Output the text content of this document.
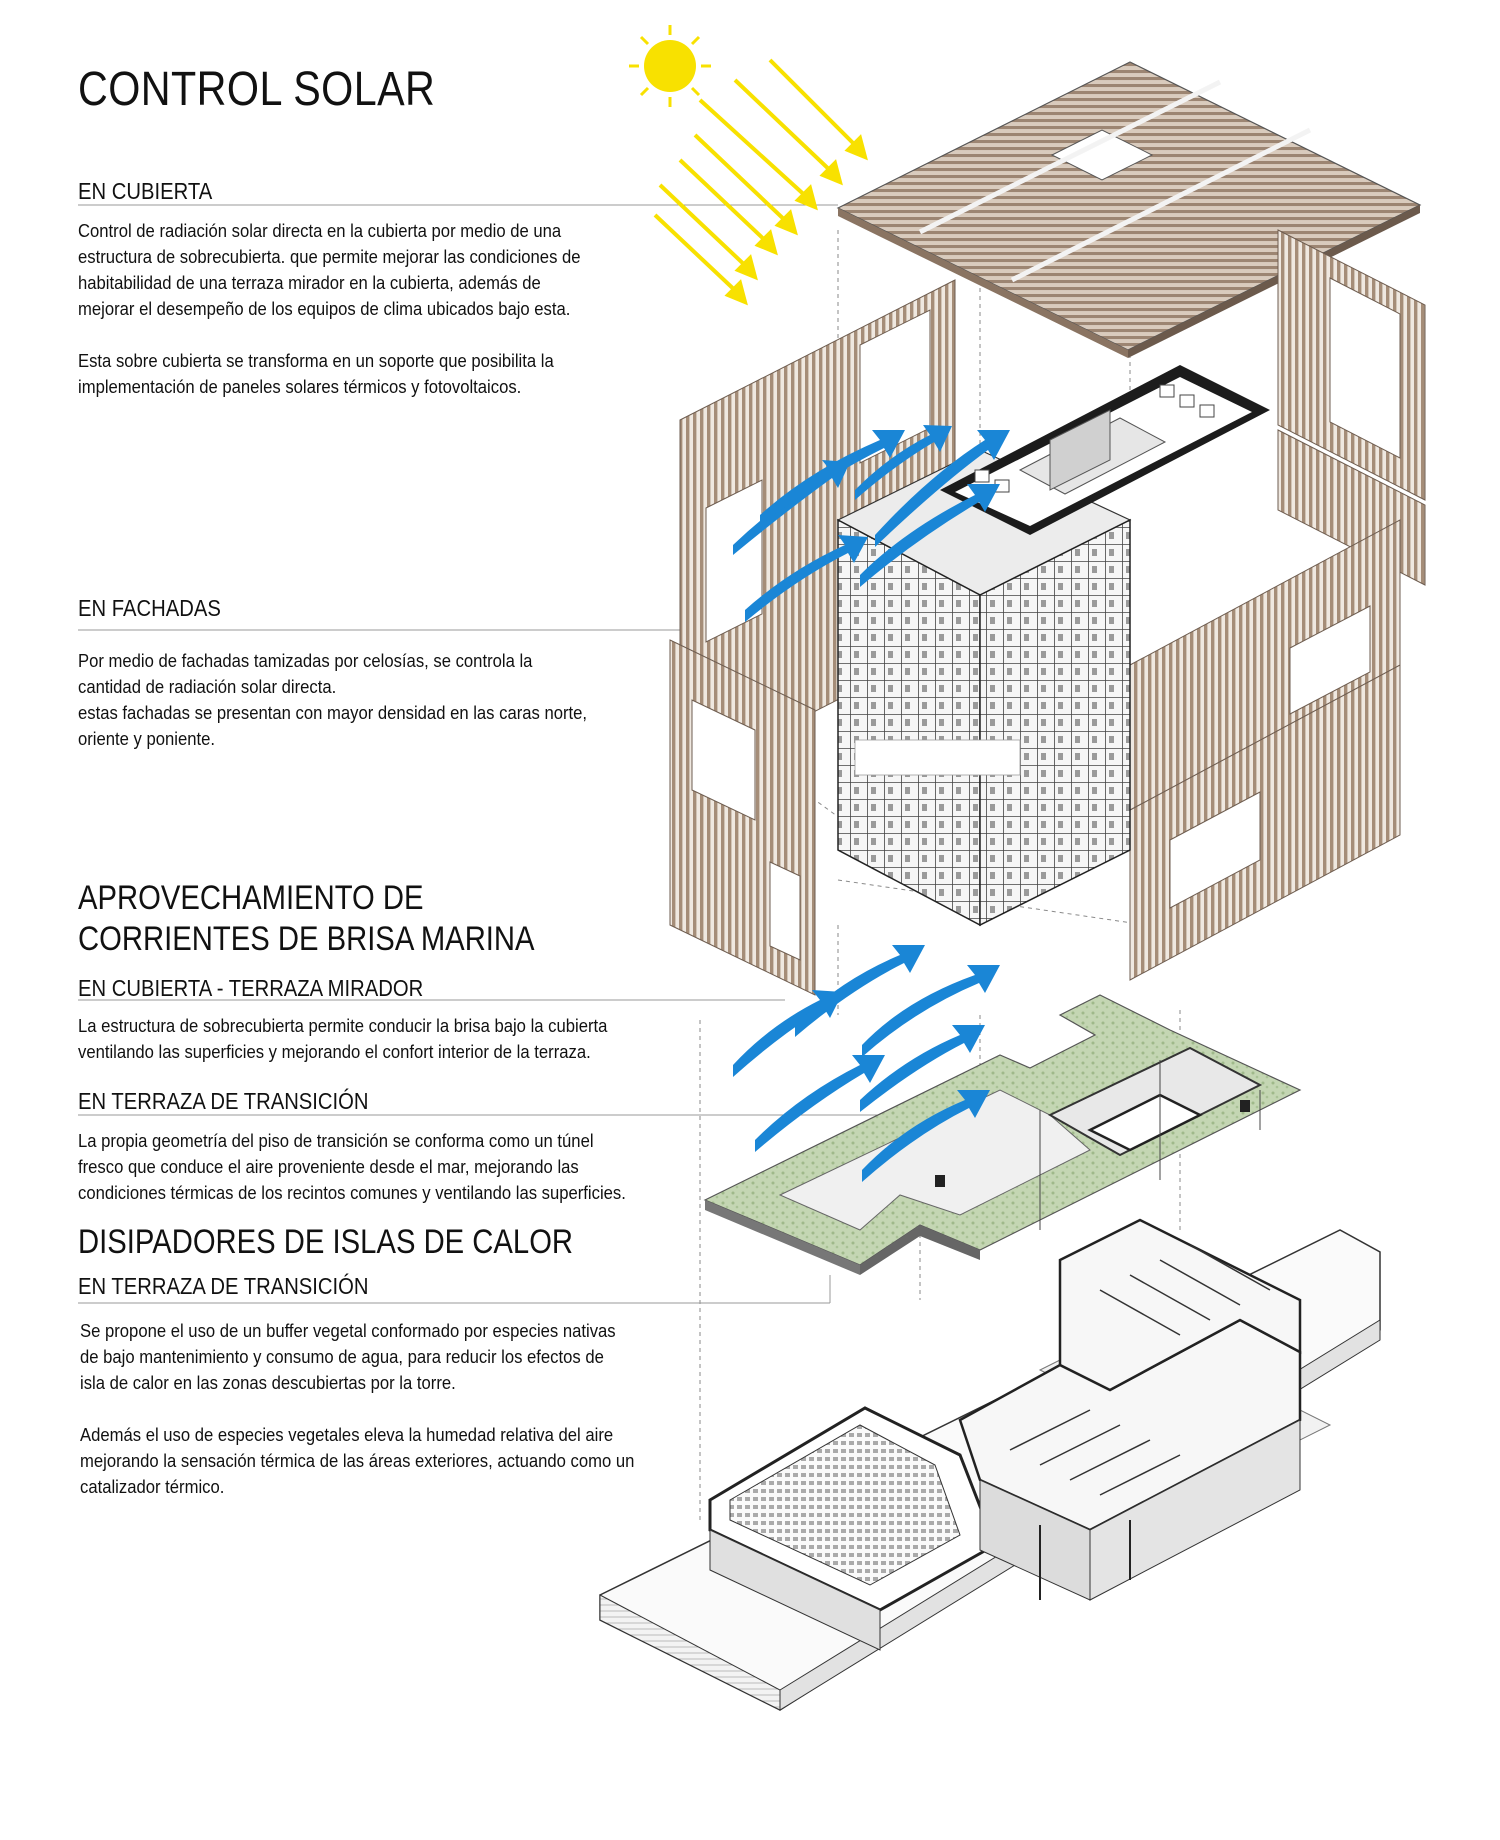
CONTROL SOLAR
EN CUBIERTA

Control de radiación solar directa en la cubierta por medio de una

estructura de sobrecubierta. que permite mejorar las condiciones de

habitabilidad de una terraza mirador en la cubierta, además de

mejorar el desempeño de los equipos de clima ubicados bajo esta.

Esta sobre cubierta se transforma en un soporte que posibilita la

implementación de paneles solares térmicos y fotovoltaicos.

EN FACHADAS

Por medio de fachadas tamizadas por celosías, se controla la

cantidad de radiación solar directa.

estas fachadas se presentan con mayor densidad en las caras norte,

oriente y poniente.

APROVECHAMIENTO DE
CORRIENTES DE BRISA MARINA
EN CUBIERTA - TERRAZA MIRADOR

La estructura de sobrecubierta permite conducir la brisa bajo la cubierta

ventilando las superficies y mejorando el confort interior de la terraza.

EN TERRAZA DE TRANSICIÓN

La propia geometría del piso de transición se conforma como un túnel

fresco que conduce el aire proveniente desde el mar, mejorando las

condiciones térmicas de los recintos comunes y ventilando las superficies.

DISIPADORES DE ISLAS DE CALOR
EN TERRAZA DE TRANSICIÓN

Se propone el uso de un buffer vegetal conformado por especies nativas

de bajo mantenimiento y consumo de agua, para reducir los efectos de

isla de calor en las zonas descubiertas por la torre.

Además el uso de especies vegetales eleva la humedad relativa del aire

mejorando la sensación térmica de las áreas exteriores, actuando como un

catalizador térmico.
